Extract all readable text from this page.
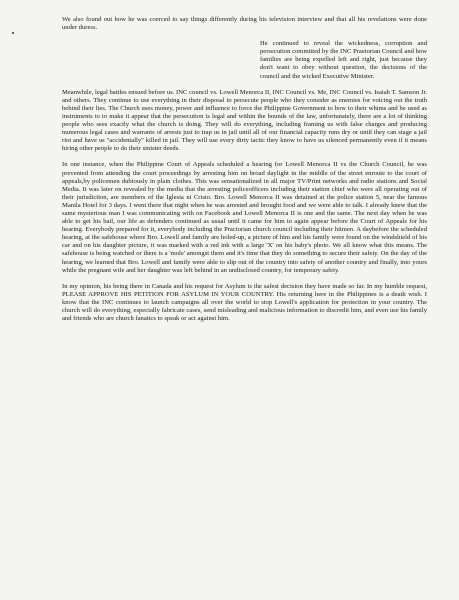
We also found out how he was coerced to say things differently during his television interview and that all his revelations were done under duress.

He continued to reveal the wickedness, corruption and persecution committed by the INC Praetorian Council and how families are being expelled left and right, just because they don't want to obey without question, the decisions of the council and the wicked Executive Minister.

Meanwhile, legal battles ensued before us. INC council vs. Lowell Menorca II, INC Council vs. Me, INC Council vs. Isaiah T. Samson Jr. and others. They continue to use everything in their disposal to persecute people who they consider as enemies for voicing out the truth behind their lies. The Church uses money, power and influence to force the Philippine Government to bow to their whims and be used as instruments to to make it appear that the persecution is legal and within the bounds of the law, unfortunately, there are a lot of thinking people who sees exactly what the church is doing. They will do everything, including framing us with false charges and producing numerous legal cases and warrants of arrests just to trap us in jail until all of our financial capacity runs dry or until they can stage a jail riot and have us "accidentally" killed in jail. They will use every dirty tactic they know to have us silenced permanently even if it means hiring other people to do their sinister deeds.

In one instance, when the Philippine Court of Appeals scheduled a hearing for Lowell Menorca II vs the Church Council, he was prevented from attending the court proceedings by arresting him on broad daylight in the middle of the street enroute to the court of appeals,by policemen dubiously in plain clothes. This was sensationalized in all major TV/Print networks and radio stations and Social Media. It was later on revealed by the media that the arresting policeofficers including their station chief who were all operating out of their jurisdiction, are members of the Iglesia ni Cristo. Bro. Lowell Menorca II was detained at the police station 5, near the famous Manila Hotel for 3 days. I went there that night when he was arrested and brought food and we were able to talk. I already knew that the same mysterious man I was communicating with on Facebook and Lowell Menorca II is one and the same. The next day when he was able to get his bail, our life as defenders continued as usual until it came for him to again appear before the Court of Appeals for his hearing. Everybody prepared for it, everybody including the Practorian church council including their hitmen. A daybefore the scheduled hearing, at the safehouse where Bro. Lowell and family are holed-up, a picture of him and his family were found on the windshield of his car and on his daughter picture, it was marked with a red ink with a large 'X' on his baby's photo. We all know what this means. The safehouse is being watched or there is a 'mole' amongst them and it's time that they do something to secure their safety. On the day of the hearing, we learned that Bro. Lowell and family were able to slip out of the country into safety of another country and finally, into yours while the pregnant wife and her daughter was left behind in an undisclosed country, for temporary safety.

In my opinion, his being there in Canada and his request for Asylum is the safest decision they have made so far. In my humble request, PLEASE APPROVE HIS PETITION FOR ASYLUM IN YOUR COUNTRY. His returning here in the Philippines is a death wish. I know that the INC continues to launch campaigns all over the world to stop Lowell's application for protection in your country. The church will do everything, especially fabricate cases, send misleading and malicious information to discredit him, and even use his family and friends who are church fanatics to speak or act against him.
